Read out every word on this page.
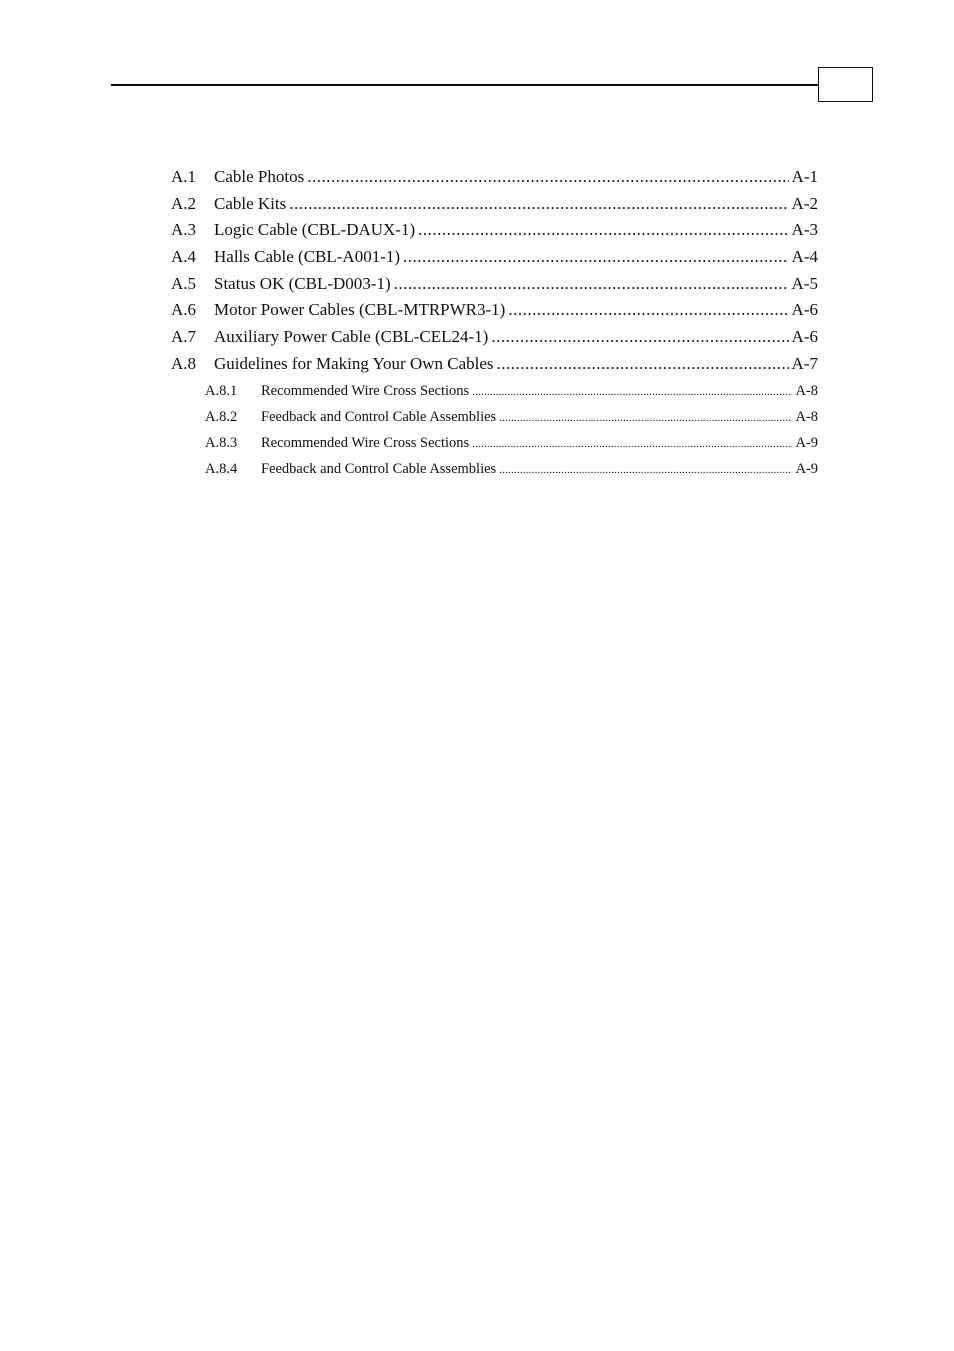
A.1	Cable Photos .....	A-1
A.2	Cable Kits .....	A-2
A.3	Logic Cable (CBL-DAUX-1) .....	A-3
A.4	Halls Cable (CBL-A001-1) .....	A-4
A.5	Status OK (CBL-D003-1) .....	A-5
A.6	Motor Power Cables (CBL-MTRPWR3-1) .....	A-6
A.7	Auxiliary Power Cable (CBL-CEL24-1) .....	A-6
A.8	Guidelines for Making Your Own Cables .....	A-7
A.8.1	Recommended Wire Cross Sections .....	A-8
A.8.2	Feedback and Control Cable Assemblies .....	A-8
A.8.3	Recommended Wire Cross Sections .....	A-9
A.8.4	Feedback and Control Cable Assemblies .....	A-9
